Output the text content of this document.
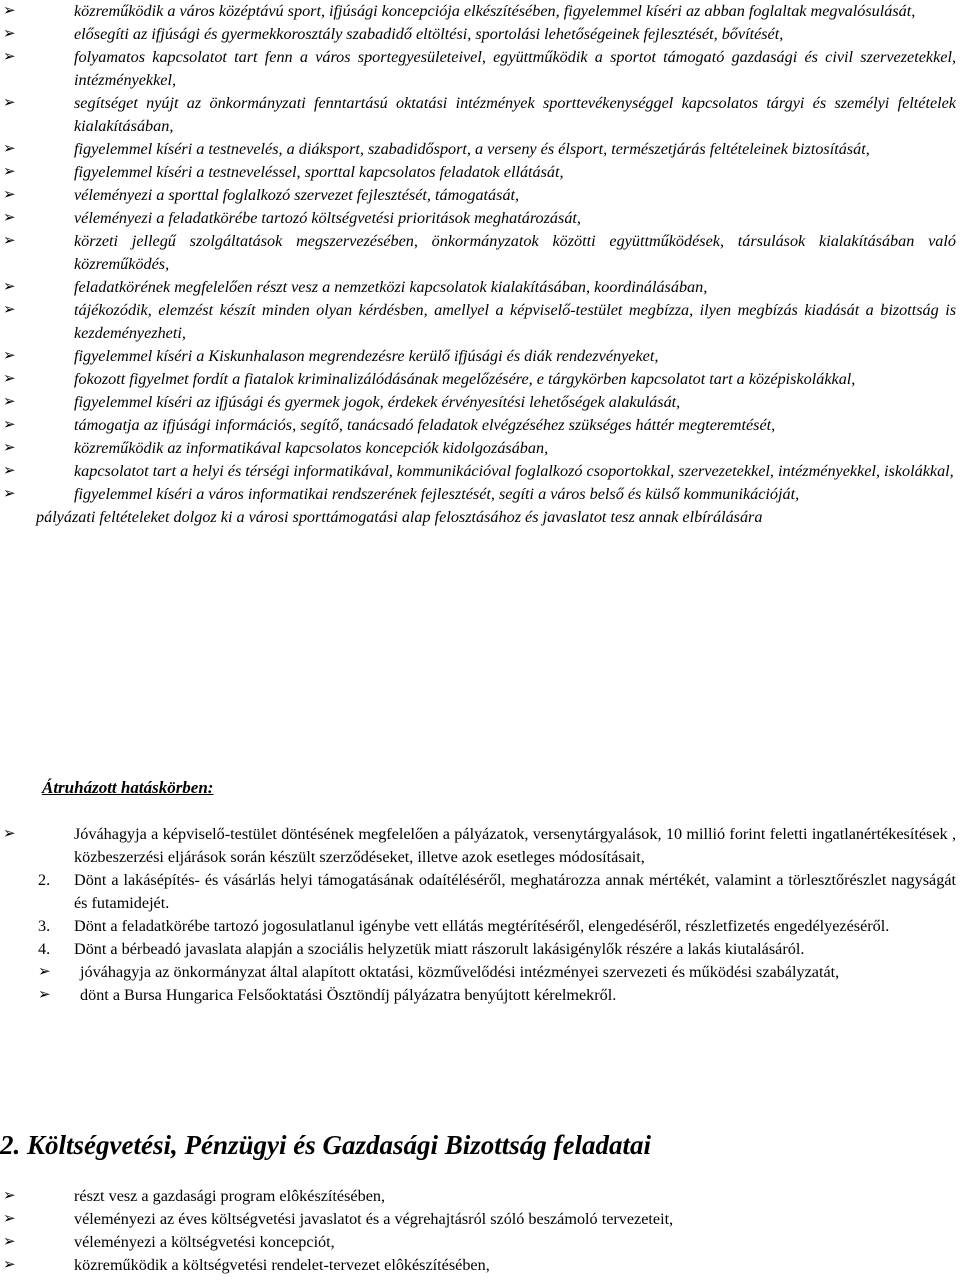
➢	közreműködik a város középtávú sport, ifjúsági koncepciója elkészítésében, figyelemmel kíséri az abban foglaltak megvalósulását,
➢	elősegíti az ifjúsági és gyermekkorosztály szabadidő eltöltési, sportolási lehetőségeinek fejlesztését, bővítését,
➢	folyamatos kapcsolatot tart fenn a város sportegyesületeivel, együttműködik a sportot támogató gazdasági és civil szervezetekkel, intézményekkel,
➢	segítséget nyújt az önkormányzati fenntartású oktatási intézmények sporttevékenységgel kapcsolatos tárgyi és személyi feltételek kialakításában,
➢	figyelemmel kíséri a testnevelés, a diáksport, szabadidősport, a verseny és élsport, természetjárás feltételeinek biztosítását,
➢	figyelemmel kíséri a testneveléssel, sporttal kapcsolatos feladatok ellátását,
➢	véleményezi a sporttal foglalkozó szervezet fejlesztését, támogatását,
➢	véleményezi a feladatkörébe tartozó költségvetési prioritások meghatározását,
➢	körzeti jellegű szolgáltatások megszervezésében, önkormányzatok közötti együttműködések, társulások kialakításában való közreműködés,
➢	feladatkörének megfelelően részt vesz a nemzetközi kapcsolatok kialakításában, koordinálásában,
➢	tájékozódik, elemzést készít minden olyan kérdésben, amellyel a képviselő-testület megbízza, ilyen megbízás kiadását a bizottság is kezdeményezheti,
➢	figyelemmel kíséri a Kiskunhalason megrendezésre kerülő ifjúsági és diák rendezvényeket,
➢	fokozott figyelmet fordít a fiatalok kriminalizálódásának megelőzésére, e tárgykörben kapcsolatot tart a középiskolákkal,
➢	figyelemmel kíséri az ifjúsági és gyermek jogok, érdekek érvényesítési lehetőségek alakulását,
➢	támogatja az ifjúsági információs, segítő, tanácsadó feladatok elvégzéséhez szükséges háttér megteremtését,
➢	közreműködik az informatikával kapcsolatos koncepciók kidolgozásában,
➢	kapcsolatot tart a helyi és térségi informatikával, kommunikációval foglalkozó csoportokkal, szervezetekkel, intézményekkel, iskolákkal,
➢	figyelemmel kíséri a város informatikai rendszerének fejlesztését, segíti a város belső és külső kommunikációját,
pályázati feltételeket dolgoz ki a városi sporttámogatási alap felosztásához és javaslatot tesz annak elbírálására
Átruházott hatáskörben:
➢	Jóváhagyja a képviselő-testület döntésének megfelelően a pályázatok, versenytárgyalások, 10 millió forint feletti ingatlanértékesítések , közbeszerzési eljárások során készült szerződéseket, illetve azok esetleges módosításait,
2. Dönt a lakásépítés- és vásárlás helyi támogatásának odaítéléséről, meghatározza annak mértékét, valamint a törlesztőrészlet nagyságát és futamidejét.
3. Dönt a feladatkörébe tartozó jogosulatlanul igénybe vett ellátás megtérítéséről, elengedéséről, részletfizetés engedélyezéséről.
4. Dönt a bérbeadó javaslata alapján a szociális helyzetük miatt rászorult lakásigénylők részére a lakás kiutalásáról.
➢	jóváhagyja az önkormányzat által alapított oktatási, közművelődési intézményei szervezeti és működési szabályzatát,
➢	dönt a Bursa Hungarica Felsőoktatási Ösztöndíj pályázatra benyújtott kérelmekről.
2. Költségvetési, Pénzügyi és Gazdasági Bizottság feladatai
➢	részt vesz a gazdasági program elôkészítésében,
➢	véleményezi az éves költségvetési javaslatot és a végrehajtásról szóló beszámoló tervezeteit,
➢	véleményezi a költségvetési koncepciót,
➢	közreműködik a költségvetési rendelet-tervezet elôkészítésében,
